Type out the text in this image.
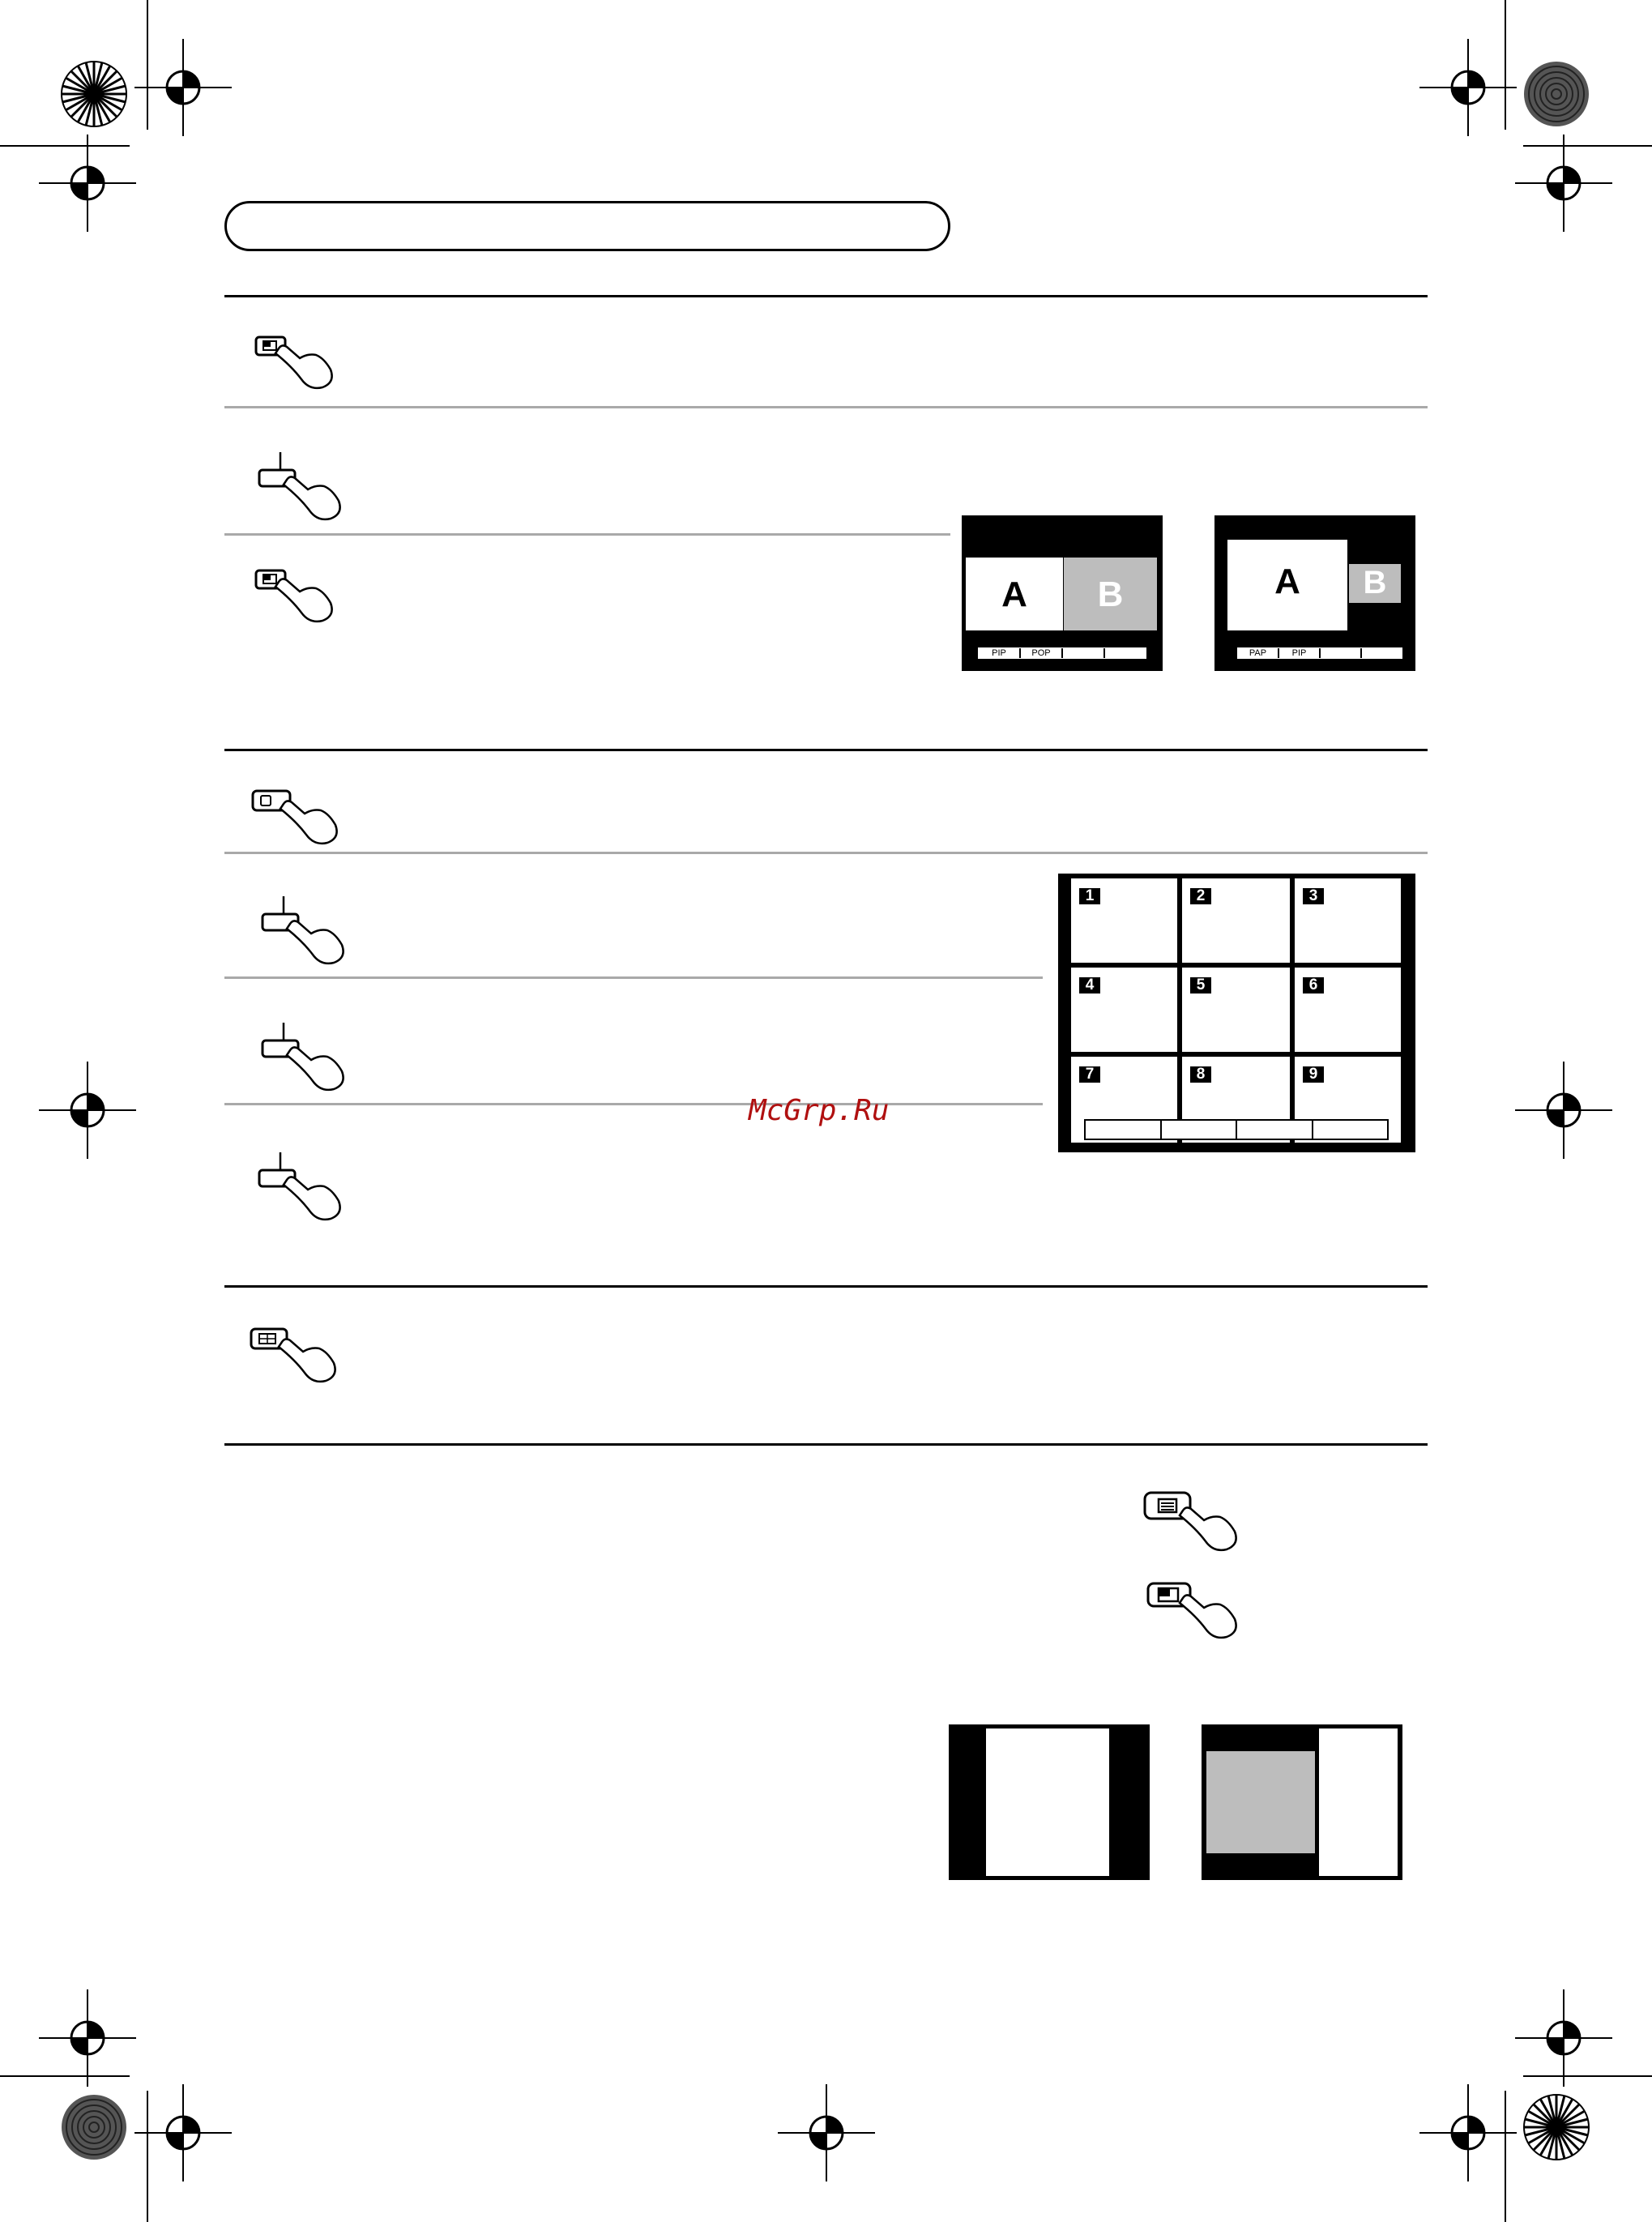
A	B
PIP	POP
A	B
PAP	PIP
1	2	3
4	5	6
7	8	9
McGrp.Ru
